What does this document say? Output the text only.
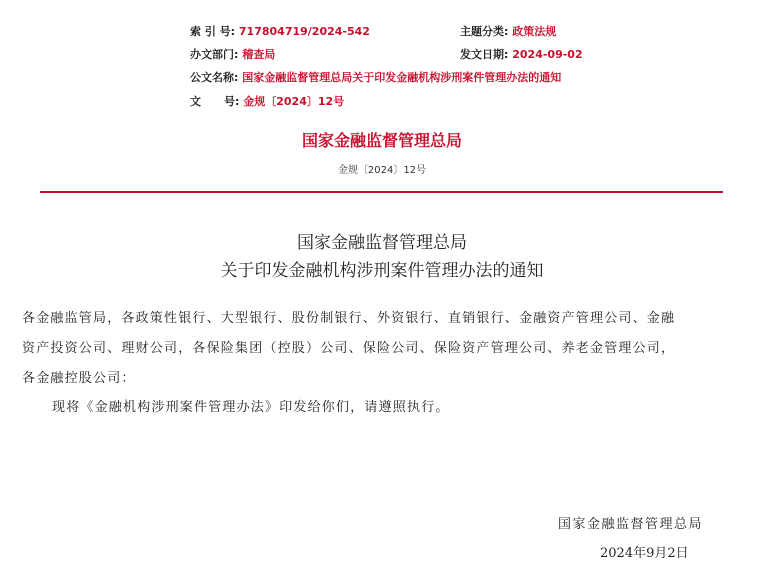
索 引 号: 717804719/2024-542	主题分类: 政策法规
办文部门: 稽查局	发文日期: 2024-09-02
公文名称: 国家金融监督管理总局关于印发金融机构涉刑案件管理办法的通知
文      号: 金规〔2024〕12号
国家金融监督管理总局
金规〔2024〕12号
国家金融监督管理总局
关于印发金融机构涉刑案件管理办法的通知
各金融监管局，各政策性银行、大型银行、股份制银行、外资银行、直销银行、金融资产管理公司、金融
资产投资公司、理财公司，各保险集团（控股）公司、保险公司、保险资产管理公司、养老金管理公司，
各金融控股公司：
现将《金融机构涉刑案件管理办法》印发给你们，请遵照执行。
国家金融监督管理总局
2024年9月2日
